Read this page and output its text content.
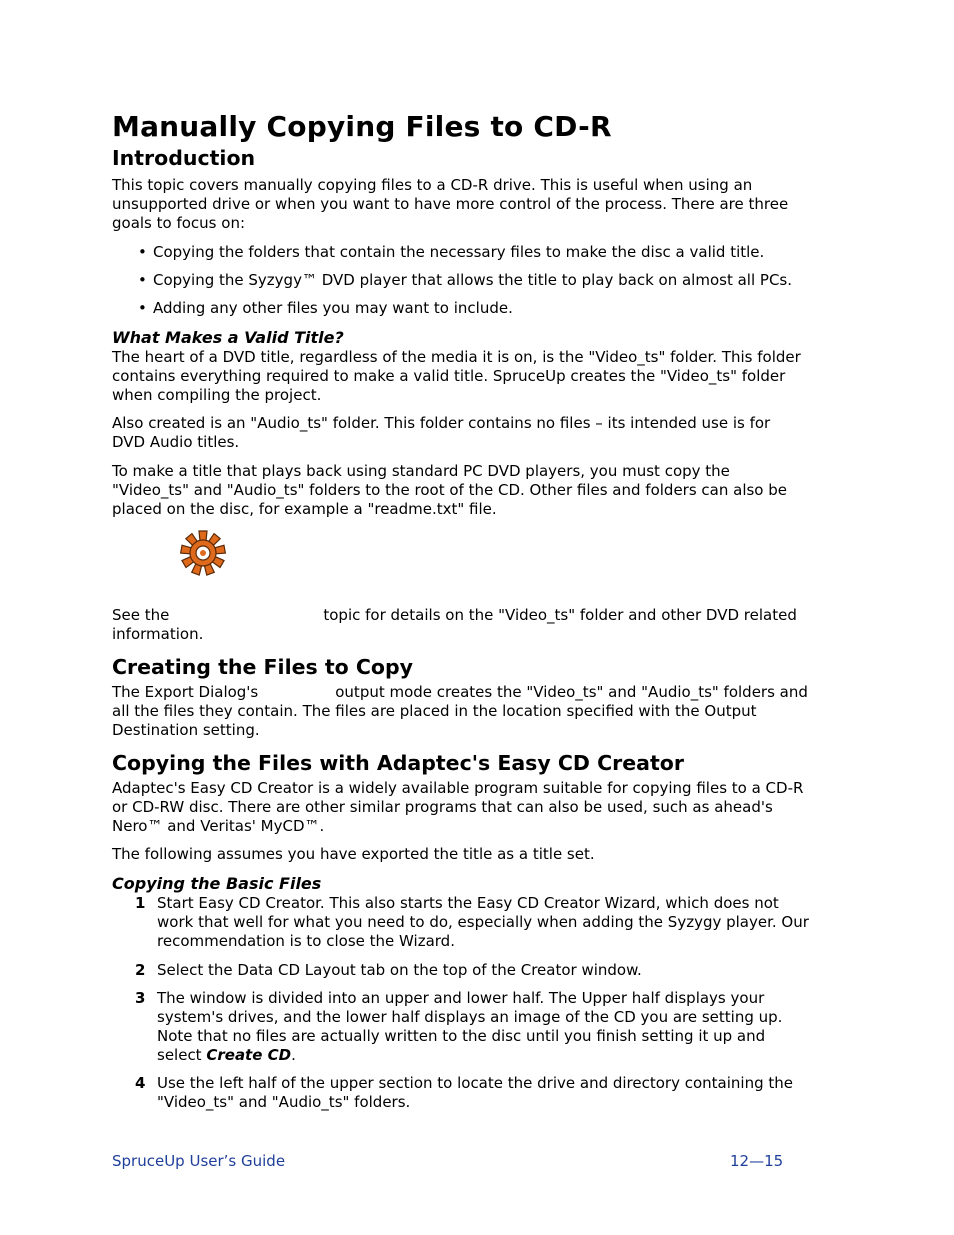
Manually Copying Files to CD-R
Introduction
This topic covers manually copying files to a CD-R drive. This is useful when using an
unsupported drive or when you want to have more control of the process. There are three
goals to focus on:
• Copying the folders that contain the necessary files to make the disc a valid title.
• Copying the Syzygy™ DVD player that allows the title to play back on almost all PCs.
• Adding any other files you may want to include.
What Makes a Valid Title?
The heart of a DVD title, regardless of the media it is on, is the "Video_ts" folder. This folder
contains everything required to make a valid title. SpruceUp creates the "Video_ts" folder
when compiling the project.
Also created is an "Audio_ts" folder. This folder contains no files – its intended use is for
DVD Audio titles.
To make a title that plays back using standard PC DVD players, you must copy the
"Video_ts" and "Audio_ts" folders to the root of the CD. Other files and folders can also be
placed on the disc, for example a "readme.txt" file.
See the	topic for details on the "Video_ts" folder and other DVD related
information.
Creating the Files to Copy
The Export Dialog's	output mode creates the "Video_ts" and "Audio_ts" folders and
all the files they contain. The files are placed in the location specified with the Output
Destination setting.
Copying the Files with Adaptec's Easy CD Creator
Adaptec's Easy CD Creator is a widely available program suitable for copying files to a CD-R
or CD-RW disc. There are other similar programs that can also be used, such as ahead's
Nero™ and Veritas' MyCD™.
The following assumes you have exported the title as a title set.
Copying the Basic Files
1 Start Easy CD Creator. This also starts the Easy CD Creator Wizard, which does not
work that well for what you need to do, especially when adding the Syzygy player. Our
recommendation is to close the Wizard.
2 Select the Data CD Layout tab on the top of the Creator window.
3 The window is divided into an upper and lower half. The Upper half displays your
system's drives, and the lower half displays an image of the CD you are setting up.
Note that no files are actually written to the disc until you finish setting it up and
select Create CD.
4 Use the left half of the upper section to locate the drive and directory containing the
"Video_ts" and "Audio_ts" folders.
SpruceUp User’s Guide	12—15
